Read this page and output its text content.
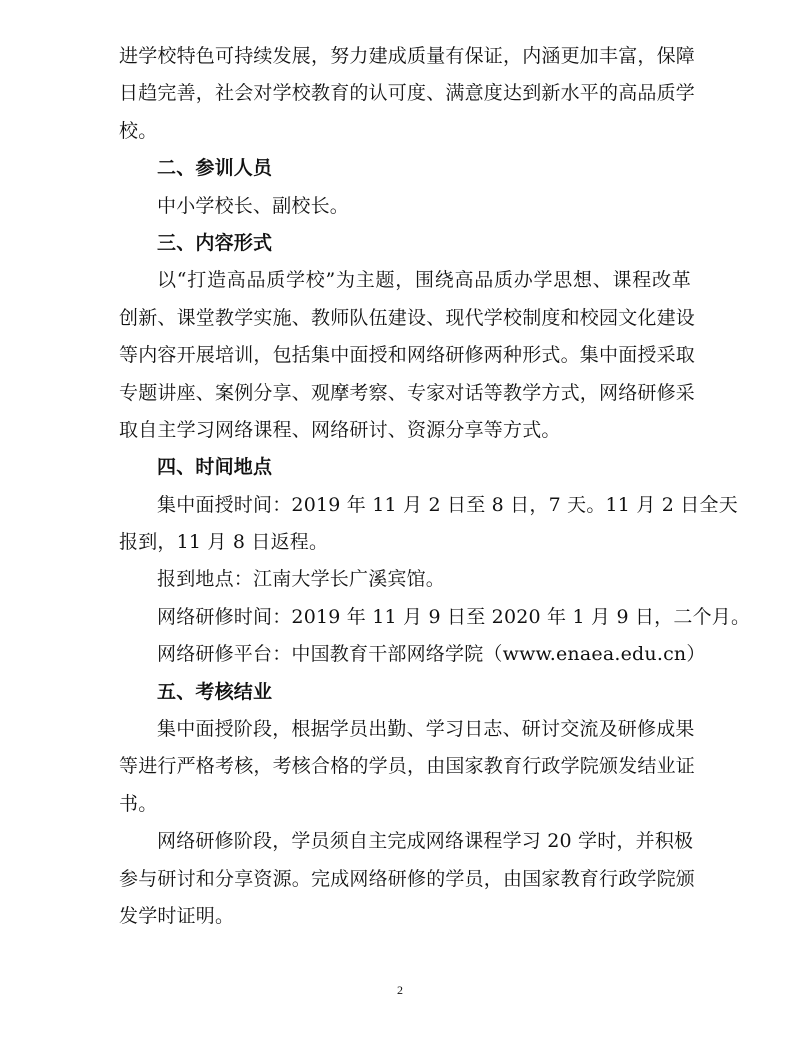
进学校特色可持续发展，努力建成质量有保证，内涵更加丰富，保障
日趋完善，社会对学校教育的认可度、满意度达到新水平的高品质学
校。
二、参训人员
中小学校长、副校长。
三、内容形式
以“打造高品质学校”为主题，围绕高品质办学思想、课程改革
创新、课堂教学实施、教师队伍建设、现代学校制度和校园文化建设
等内容开展培训，包括集中面授和网络研修两种形式。集中面授采取
专题讲座、案例分享、观摩考察、专家对话等教学方式，网络研修采
取自主学习网络课程、网络研讨、资源分享等方式。
四、时间地点
集中面授时间：2019 年 11 月 2 日至 8 日，7 天。11 月 2 日全天
报到，11 月 8 日返程。
报到地点：江南大学长广溪宾馆。
网络研修时间：2019 年 11 月 9 日至 2020 年 1 月 9 日，二个月。
网络研修平台：中国教育干部网络学院（www.enaea.edu.cn）
五、考核结业
集中面授阶段，根据学员出勤、学习日志、研讨交流及研修成果
等进行严格考核，考核合格的学员，由国家教育行政学院颁发结业证
书。
网络研修阶段，学员须自主完成网络课程学习 20 学时，并积极
参与研讨和分享资源。完成网络研修的学员，由国家教育行政学院颁
发学时证明。
2
